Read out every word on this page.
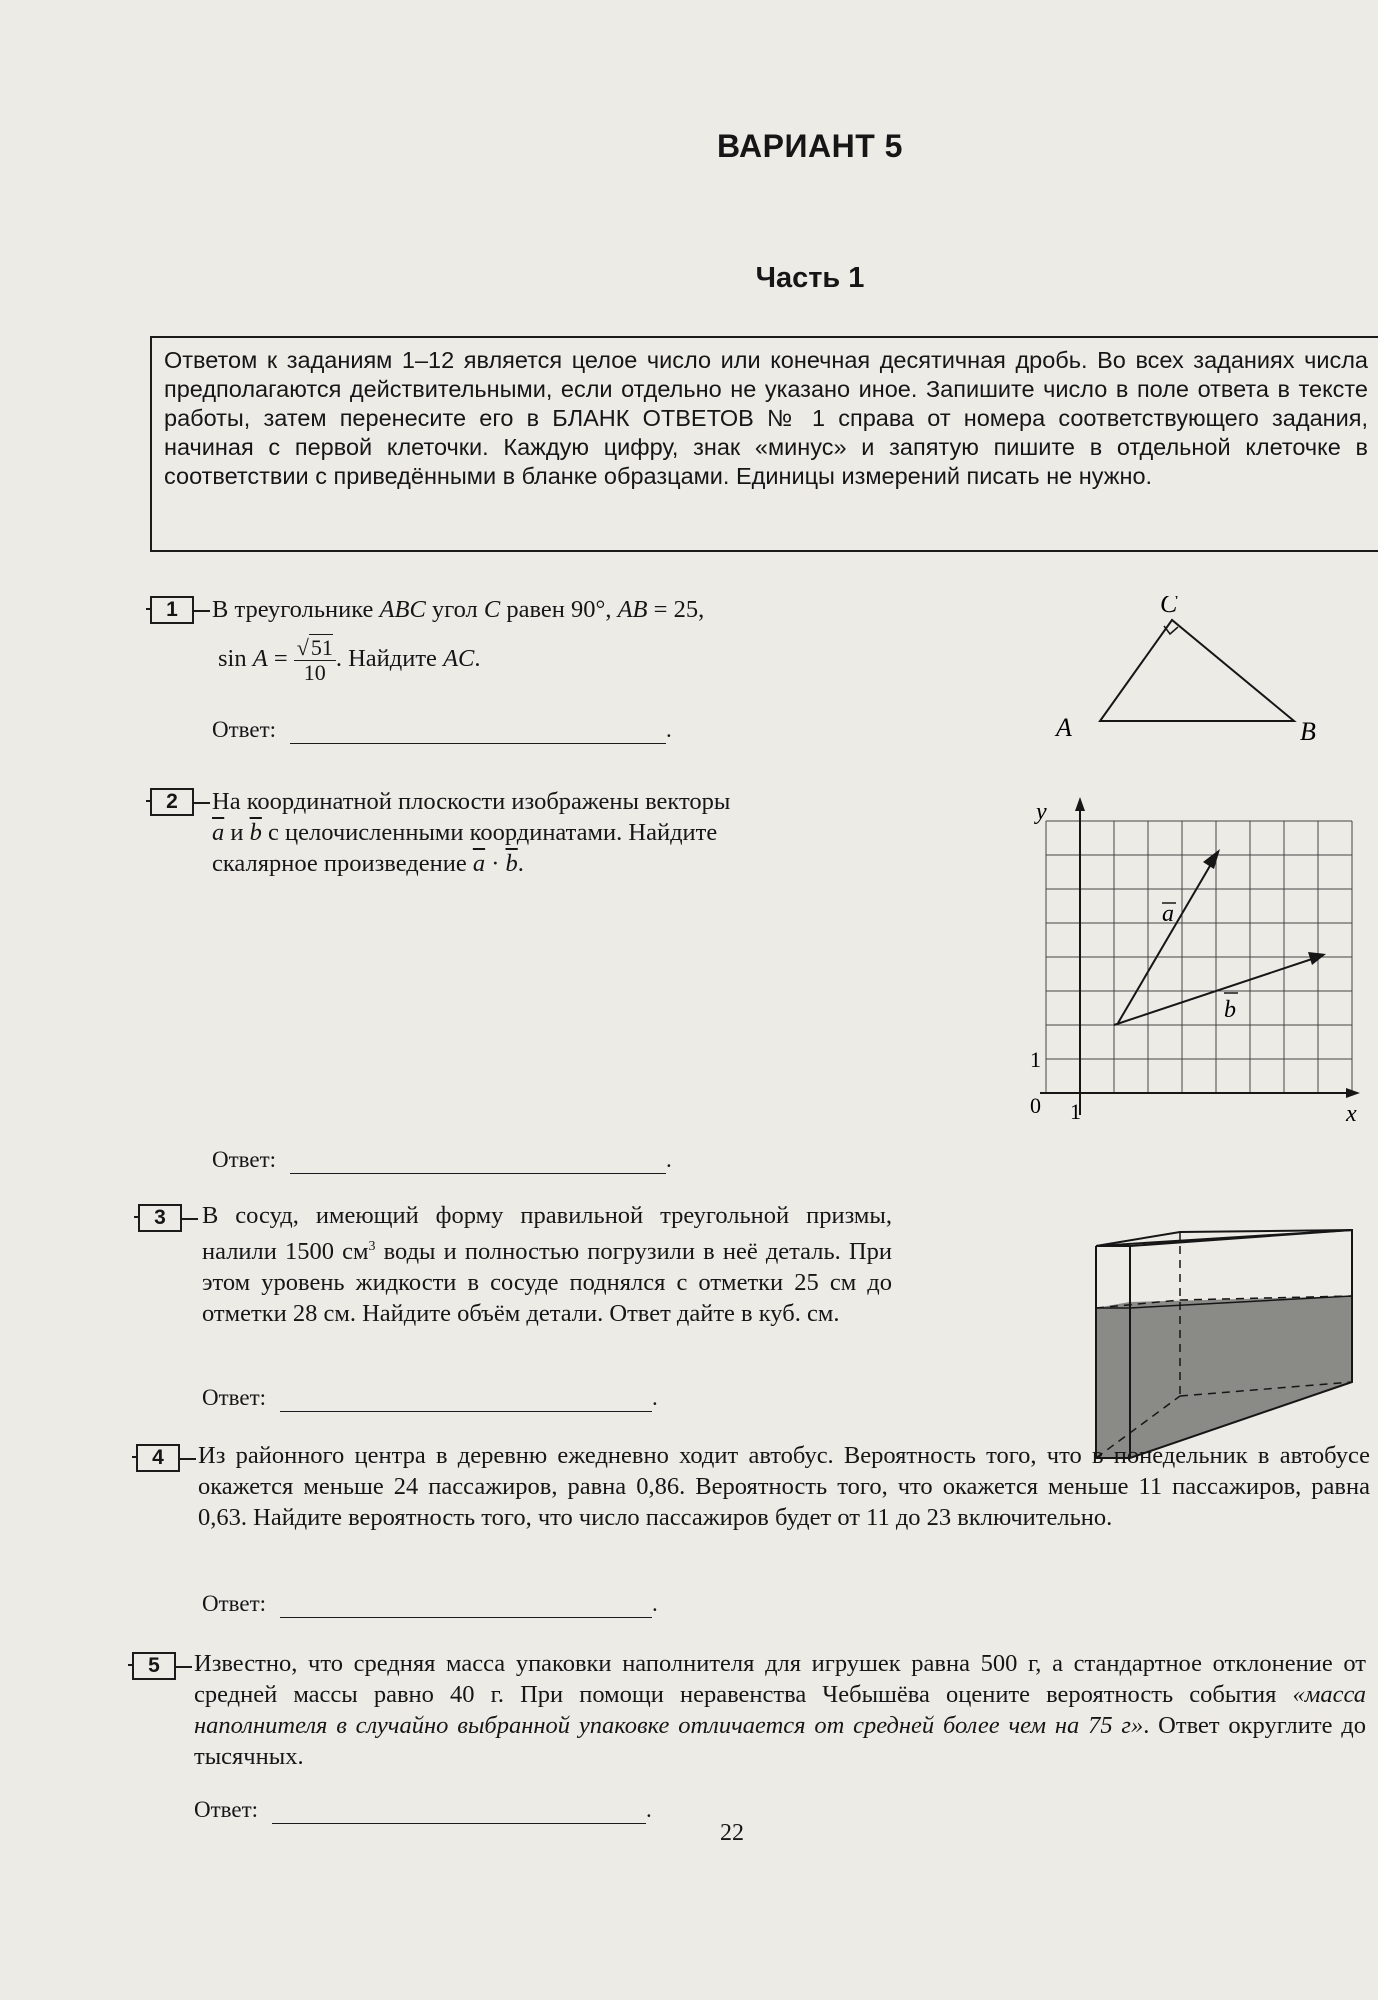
ВАРИАНТ 5
Часть 1
Ответом к заданиям 1–12 является целое число или конечная десятичная дробь. Во всех заданиях числа предполагаются действительными, если отдельно не указано иное. Запишите число в поле ответа в тексте работы, затем перенесите его в БЛАНК ОТВЕТОВ № 1 справа от номера соответствующего задания, начиная с первой клеточки. Каждую цифру, знак «минус» и запятую пишите в отдельной клеточке в соответствии с приведёнными в бланке образцами. Единицы измерений писать не нужно.
1	В треугольнике ABC угол C равен 90°, AB = 25,
$\sin A = \frac{√51}{10}$ . Найдите AC.
Ответ:	.	A	B
C
2	На координатной плоскости изображены векторы
$\overline{a}$ и $\overline{b}$ с целочисленными координатами. Найдите
скалярное произведение $\overline{a} \cdot \overline{b}$.
Ответ:	.
y
x
1
1
0
a
b
3	В сосуд, имеющий форму правильной треугольной призмы, налили 1500 $см^3$ воды и полностью погрузили в неё деталь. При этом уровень жидкости в сосуде поднялся с отметки 25 см до отметки 28 см. Найдите объём детали. Ответ дайте в куб. см.
Ответ:	.
4	Из районного центра в деревню ежедневно ходит автобус. Вероятность того, что в понедельник в автобусе окажется меньше 24 пассажиров, равна 0,86. Вероятность того, что окажется меньше 11 пассажиров, равна 0,63. Найдите вероятность того, что число пассажиров будет от 11 до 23 включительно.
Ответ:	.
5	Известно, что средняя масса упаковки наполнителя для игрушек равна 500 г, а стандартное отклонение от средней массы равно 40 г. При помощи неравенства Чебышёва оцените вероятность события «масса наполнителя в случайно выбранной упаковке отличается от средней более чем на 75 г». Ответ округлите до тысячных.
Ответ:	.
22
